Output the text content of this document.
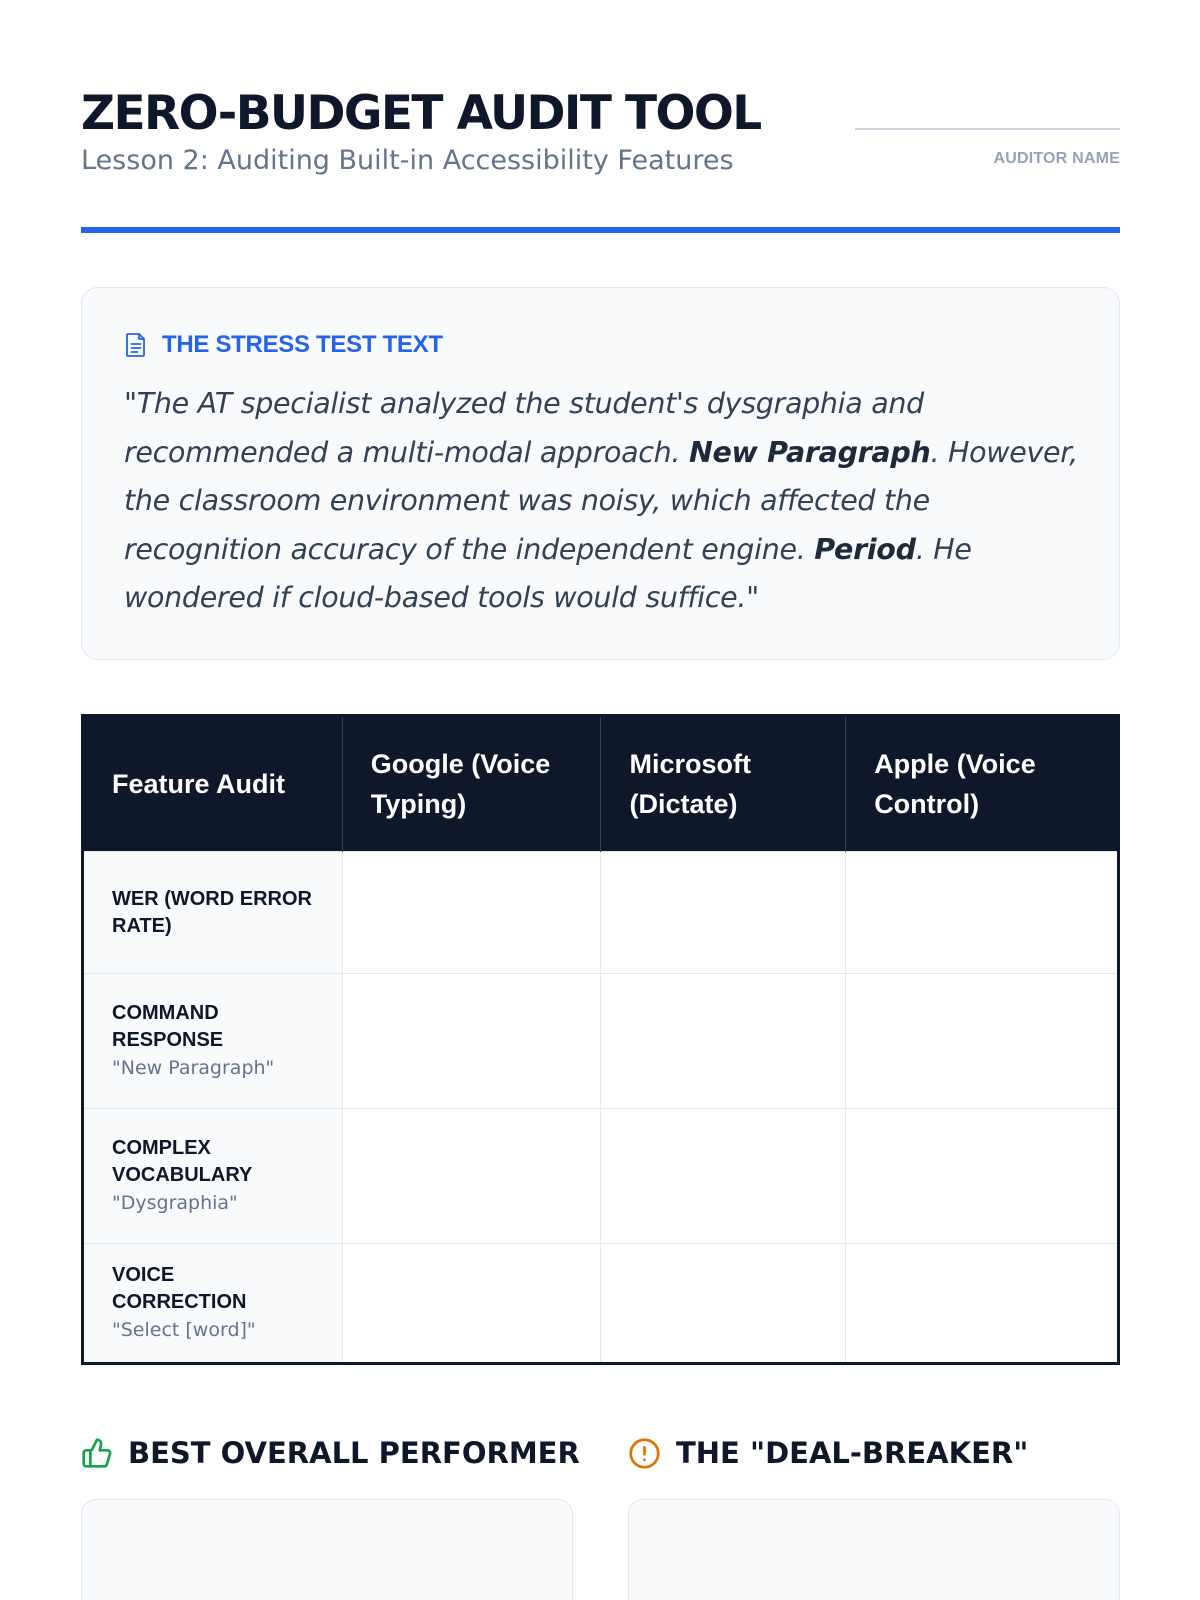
ZERO-BUDGET AUDIT TOOL
Lesson 2: Auditing Built-in Accessibility Features	AUDITOR NAME
THE STRESS TEST TEXT

"The AT specialist analyzed the student's dysgraphia and recommended a multi-modal approach. New Paragraph. However, the classroom environment was noisy, which affected the recognition accuracy of the independent engine. Period. He wondered if cloud-based tools would suffice."

Feature Audit	Google (Voice Typing)	Microsoft (Dictate)	Apple (Voice Control)

WER (WORD ERROR RATE)			

COMMAND RESPONSE
"New Paragraph"			

COMPLEX VOCABULARY
"Dysgraphia"			

VOICE CORRECTION
"Select [word]"			

BEST OVERALL PERFORMER	THE "DEAL-BREAKER"
